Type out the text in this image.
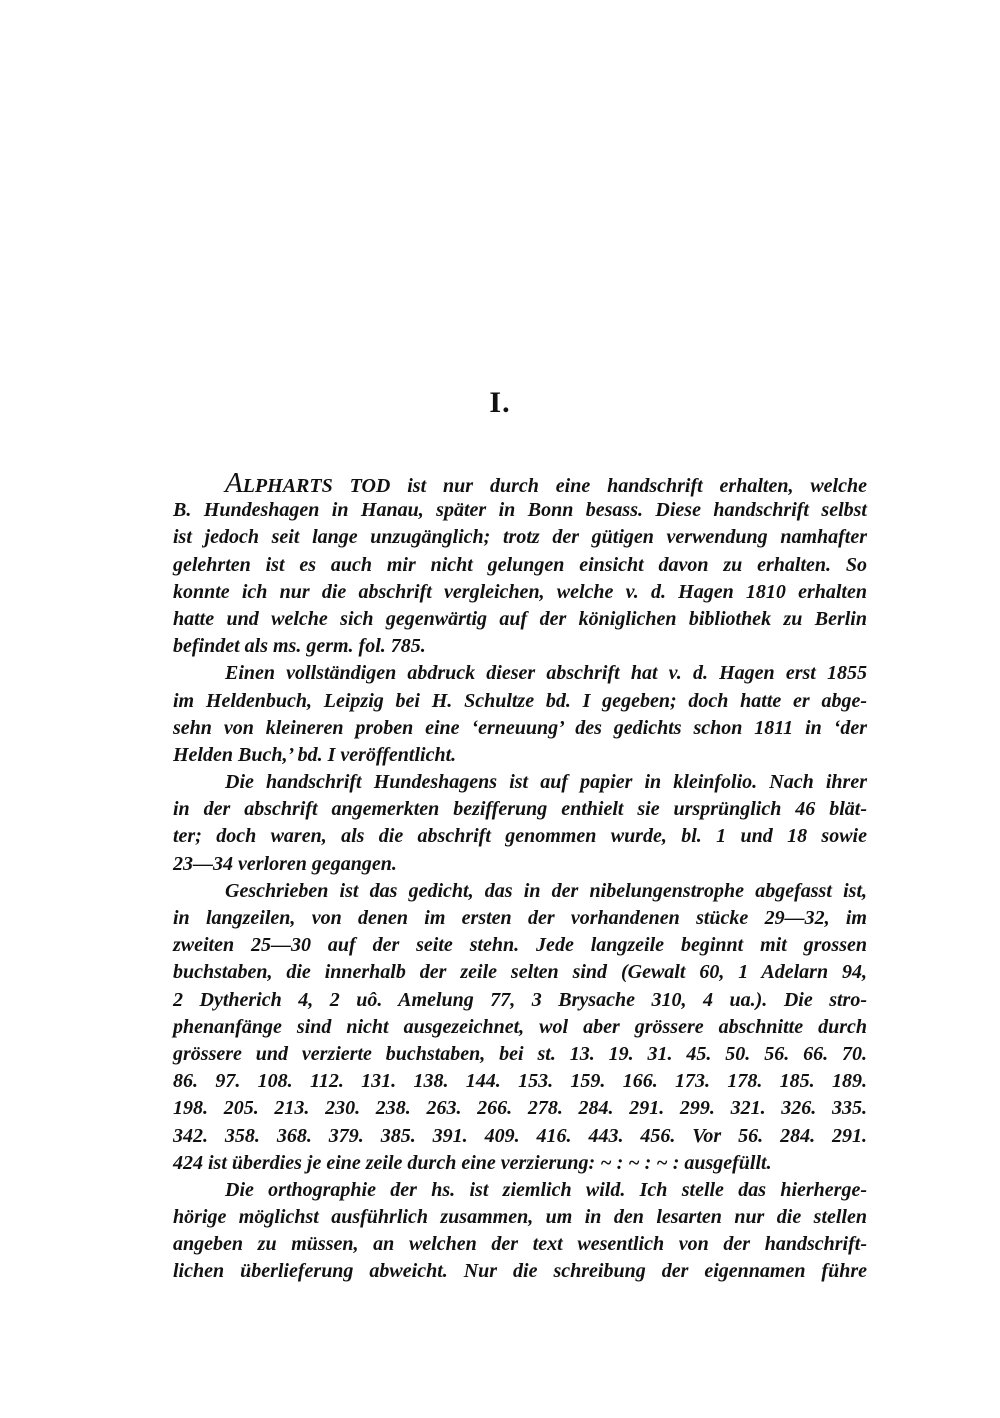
I.
ALPHARTS TOD ist nur durch eine handschrift erhalten, welche
B. Hundeshagen in Hanau, später in Bonn besass. Diese handschrift selbst
ist jedoch seit lange unzugänglich; trotz der gütigen verwendung namhafter
gelehrten ist es auch mir nicht gelungen einsicht davon zu erhalten. So
konnte ich nur die abschrift vergleichen, welche v. d. Hagen 1810 erhalten
hatte und welche sich gegenwärtig auf der königlichen bibliothek zu Berlin
befindet als ms. germ. fol. 785.
Einen vollständigen abdruck dieser abschrift hat v. d. Hagen erst 1855
im Heldenbuch, Leipzig bei H. Schultze bd. I gegeben; doch hatte er abge-
sehn von kleineren proben eine ‘erneuung’ des gedichts schon 1811 in ‘der
Helden Buch,’ bd. I veröffentlicht.
Die handschrift Hundeshagens ist auf papier in kleinfolio. Nach ihrer
in der abschrift angemerkten bezifferung enthielt sie ursprünglich 46 blät-
ter; doch waren, als die abschrift genommen wurde, bl. 1 und 18 sowie
23—34 verloren gegangen.
Geschrieben ist das gedicht, das in der nibelungenstrophe abgefasst ist,
in langzeilen, von denen im ersten der vorhandenen stücke 29—32, im
zweiten 25—30 auf der seite stehn. Jede langzeile beginnt mit grossen
buchstaben, die innerhalb der zeile selten sind (Gewalt 60, 1 Adelarn 94,
2 Dytherich 4, 2 uô. Amelung 77, 3 Brysache 310, 4 ua.). Die stro-
phenanfänge sind nicht ausgezeichnet, wol aber grössere abschnitte durch
grössere und verzierte buchstaben, bei st. 13. 19. 31. 45. 50. 56. 66. 70.
86. 97. 108. 112. 131. 138. 144. 153. 159. 166. 173. 178. 185. 189.
198. 205. 213. 230. 238. 263. 266. 278. 284. 291. 299. 321. 326. 335.
342. 358. 368. 379. 385. 391. 409. 416. 443. 456. Vor 56. 284. 291.
424 ist überdies je eine zeile durch eine verzierung: ~ : ~ : ~ : ausgefüllt.
Die orthographie der hs. ist ziemlich wild. Ich stelle das hierherge-
hörige möglichst ausführlich zusammen, um in den lesarten nur die stellen
angeben zu müssen, an welchen der text wesentlich von der handschrift-
lichen überlieferung abweicht. Nur die schreibung der eigennamen führe
